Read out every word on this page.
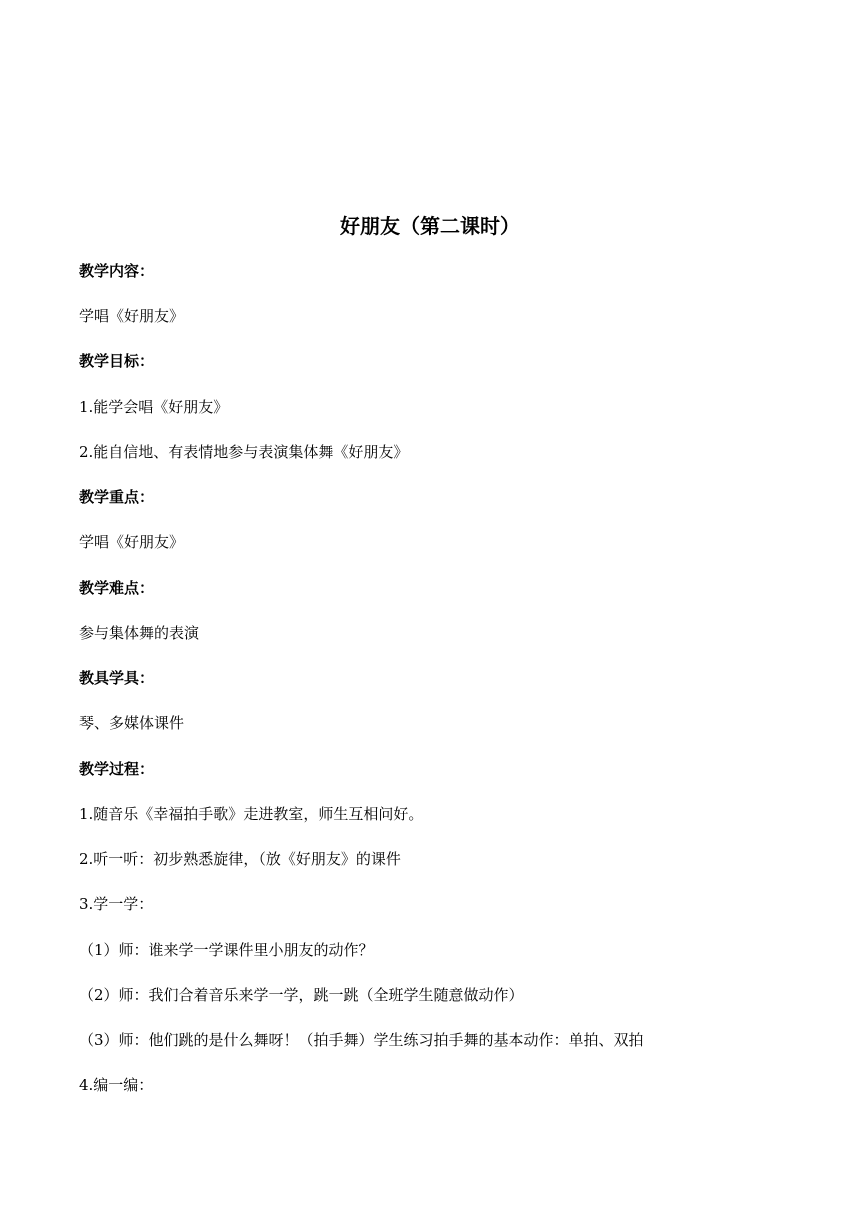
好朋友（第二课时）
教学内容：
学唱《好朋友》
教学目标：
1.能学会唱《好朋友》
2.能自信地、有表情地参与表演集体舞《好朋友》
教学重点：
学唱《好朋友》
教学难点：
参与集体舞的表演
教具学具：
琴、多媒体课件
教学过程：
1.随音乐《幸福拍手歌》走进教室，师生互相问好。
2.听一听：初步熟悉旋律，（放《好朋友》的课件
3.学一学：
（1）师：谁来学一学课件里小朋友的动作？
（2）师：我们合着音乐来学一学，跳一跳（全班学生随意做动作）
（3）师：他们跳的是什么舞呀！（拍手舞）学生练习拍手舞的基本动作：单拍、双拍
4.编一编：
